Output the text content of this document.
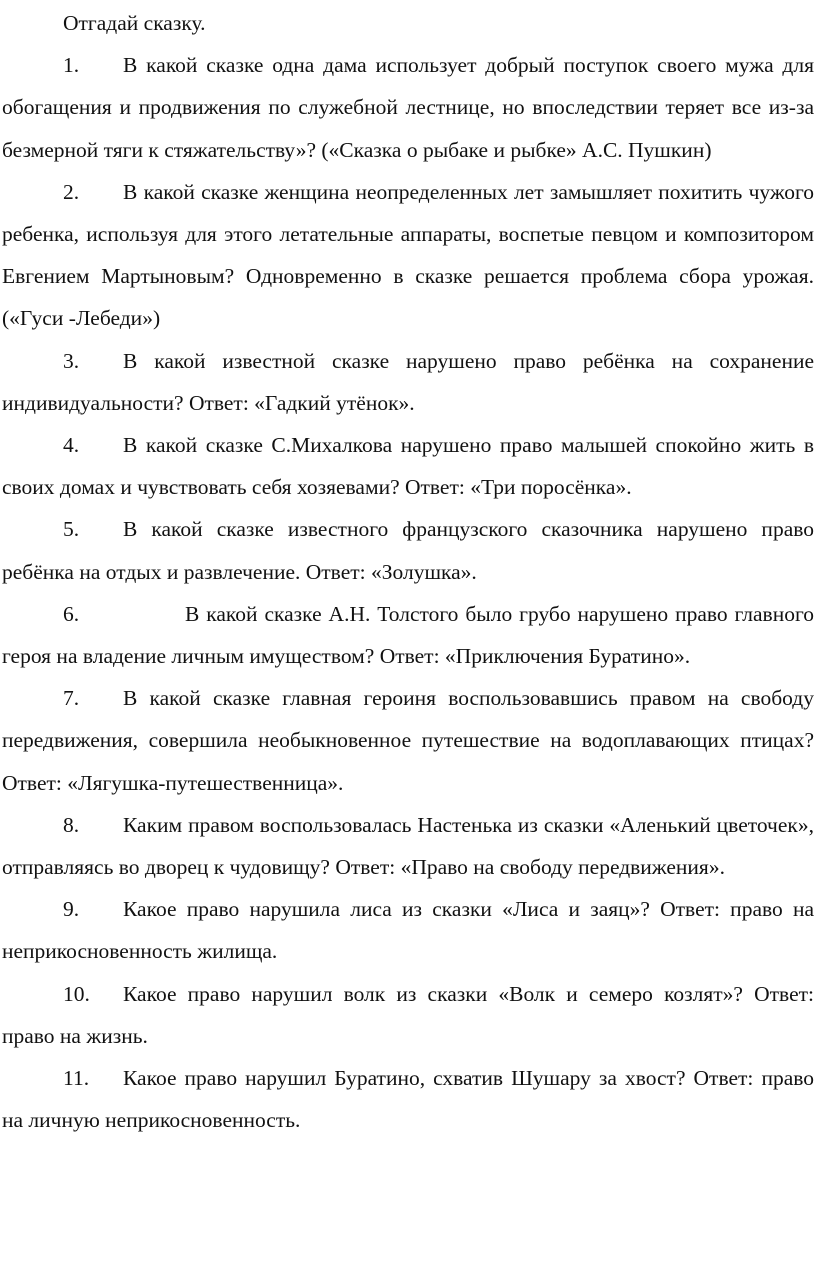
Отгадай сказку.

1. В какой сказке одна дама использует добрый поступок своего мужа для обогащения и продвижения по служебной лестнице, но впоследствии теряет все из-за безмерной тяги к стяжательству»? («Сказка о рыбаке и рыбке» А.С. Пушкин)

2. В какой сказке женщина неопределенных лет замышляет похитить чужого ребенка, используя для этого летательные аппараты, воспетые певцом и композитором Евгением Мартыновым? Одновременно в сказке решается проблема сбора урожая. («Гуси -Лебеди»)

3. В какой известной сказке нарушено право ребёнка на сохранение индивидуальности? Ответ: «Гадкий утёнок».

4. В какой сказке С.Михалкова нарушено право малышей спокойно жить в своих домах и чувствовать себя хозяевами? Ответ: «Три поросёнка».

5. В какой сказке известного французского сказочника нарушено право ребёнка на отдых и развлечение. Ответ: «Золушка».

6.	В какой сказке А.Н. Толстого было грубо нарушено право главного героя на владение личным имуществом? Ответ: «Приключения Буратино».

7. В какой сказке главная героиня воспользовавшись правом на свободу передвижения, совершила необыкновенное путешествие на водоплавающих птицах? Ответ: «Лягушка-путешественница».

8. Каким правом воспользовалась Настенька из сказки «Аленький цветочек», отправляясь во дворец к чудовищу? Ответ: «Право на свободу передвижения».

9. Какое право нарушила лиса из сказки «Лиса и заяц»? Ответ: право на неприкосновенность жилища.

10. Какое право нарушил волк из сказки «Волк и семеро козлят»? Ответ: право на жизнь.

11. Какое право нарушил Буратино, схватив Шушару за хвост? Ответ: право на личную неприкосновенность.
